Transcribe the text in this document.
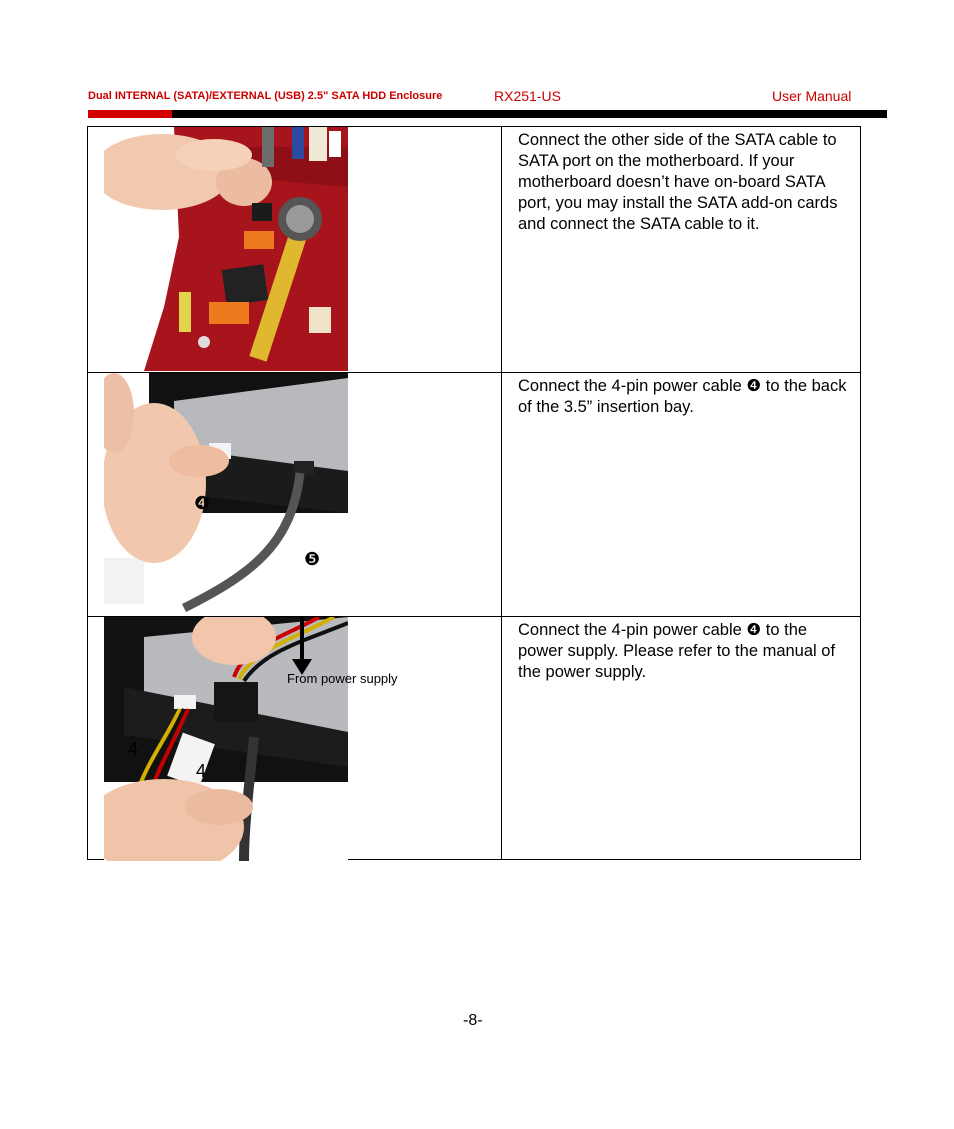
Dual INTERNAL (SATA)/EXTERNAL (USB) 2.5" SATA HDD Enclosure	RX251-US	User Manual
Connect the other side of the SATA cable to SATA port on the motherboard. If your motherboard doesn’t have on-board SATA port, you may install the SATA add-on cards and connect the SATA cable to it.
❹
❺
Connect the 4-pin power cable ❹ to the back of the 3.5” insertion bay.
4
4
From power supply
Connect the 4-pin power cable ❹ to the power supply. Please refer to the manual of the power supply.
-8-
